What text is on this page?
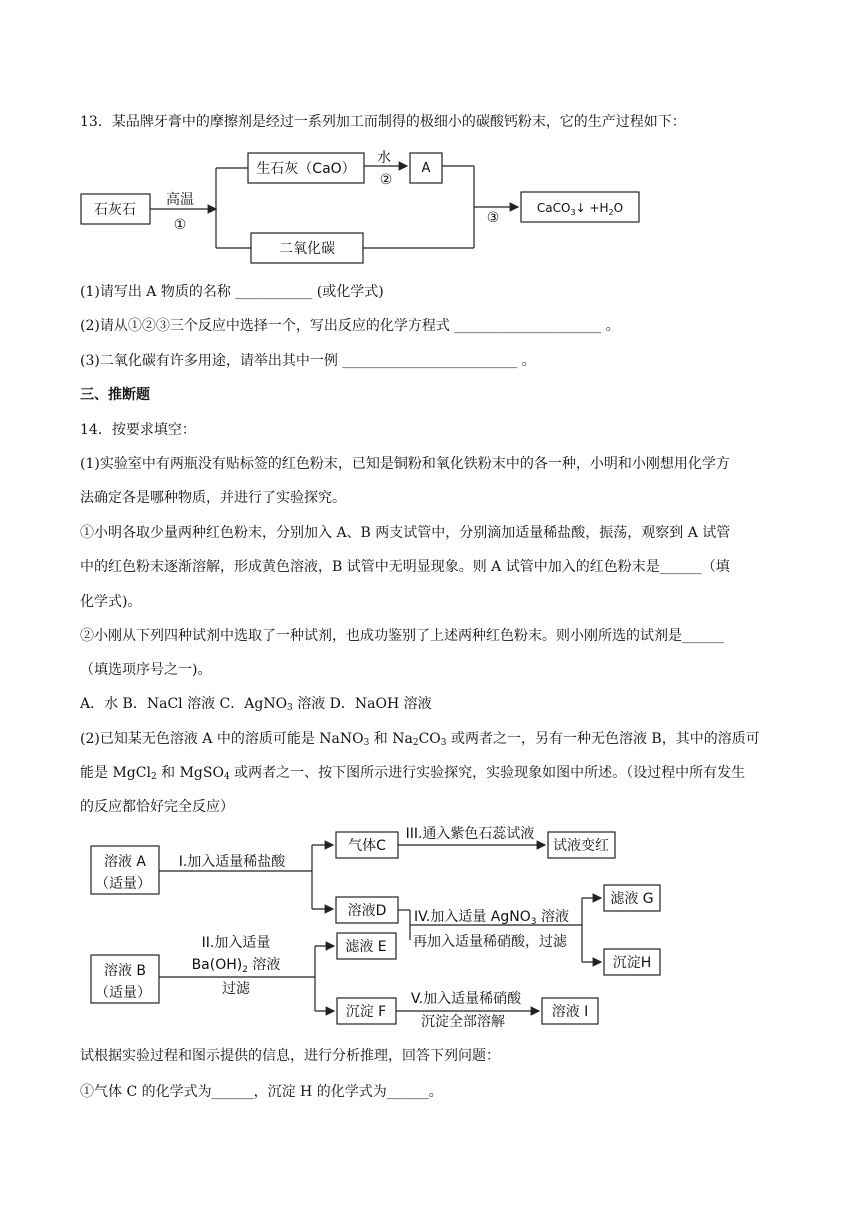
13．某品牌牙膏中的摩擦剂是经过一系列加工而制得的极细小的碳酸钙粉末，它的生产过程如下：
石灰石
高温
①
生石灰（CaO）
水
②
A
二氧化碳
③
CaCO$_3$↓ $+H_2O$
(1)请写出 A 物质的名称 ___________ (或化学式)
(2)请从①②③三个反应中选择一个，写出反应的化学方程式 _____________________ 。
(3)二氧化碳有许多用途，请举出其中一例 _________________________ 。
三、推断题
14．按要求填空：
(1)实验室中有两瓶没有贴标签的红色粉末，已知是铜粉和氧化铁粉末中的各一种，小明和小刚想用化学方
法确定各是哪种物质，并进行了实验探究。
①小明各取少量两种红色粉末，分别加入 A、B 两支试管中，分别滴加适量稀盐酸，振荡，观察到 A 试管
中的红色粉末逐渐溶解，形成黄色溶液，B 试管中无明显现象。则 A 试管中加入的红色粉末是______（填
化学式)。
②小刚从下列四种试剂中选取了一种试剂，也成功鉴别了上述两种红色粉末。则小刚所选的试剂是______
（填选项序号之一)。
A．水 B．NaCl 溶液 C．AgNO$_3$ 溶液 D．NaOH 溶液
(2)已知某无色溶液 A 中的溶质可能是 NaNO$_3$ 和 $Na_2CO_3$ 或两者之一，另有一种无色溶液 B，其中的溶质可
能是 MgCl$_2$ 和 MgSO$_4$ 或两者之一、按下图所示进行实验探究，实验现象如图中所述。（设过程中所有发生
的反应都恰好完全反应）
溶液 A
（适量）
I.加入适量稀盐酸
气体C
III.通入紫色石蕊试液
试液变红
溶液D IV.加入适量 AgNO$_3$ 溶液
再加入适量稀硝酸，过滤
滤液 G
沉淀H
溶液 B
（适量）
II.加入适量
$Ba(OH)_2$ 溶液
过滤
滤液 E
沉淀 F
V.加入适量稀硝酸
沉淀全部溶解
溶液 I
试根据实验过程和图示提供的信息，进行分析推理，回答下列问题：
①气体 C 的化学式为______，沉淀 H 的化学式为______。
